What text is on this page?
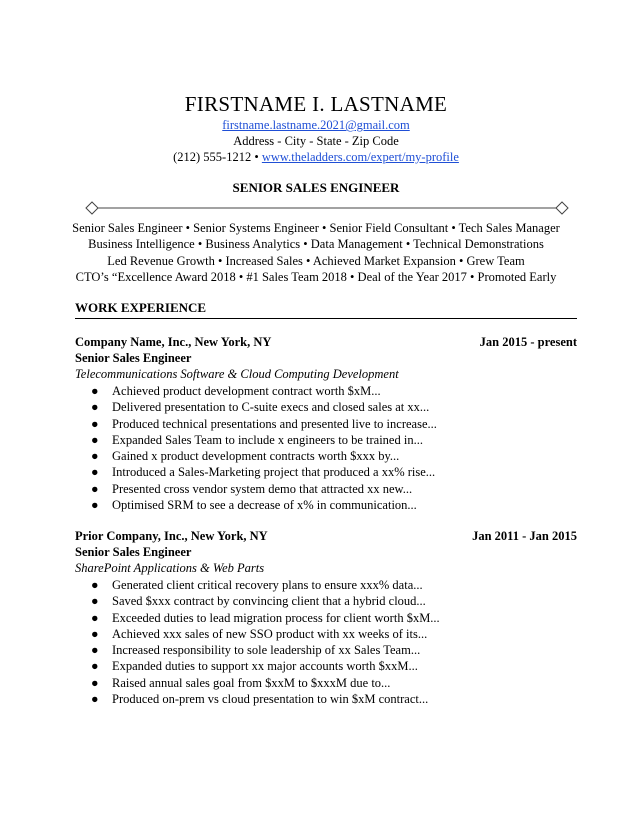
FIRSTNAME I. LASTNAME
firstname.lastname.2021@gmail.com
Address - City - State - Zip Code
(212) 555-1212 • www.theladders.com/expert/my-profile
SENIOR SALES ENGINEER
Senior Sales Engineer • Senior Systems Engineer • Senior Field Consultant • Tech Sales Manager
Business Intelligence • Business Analytics • Data Management • Technical Demonstrations
Led Revenue Growth • Increased Sales • Achieved Market Expansion • Grew Team
CTO’s “Excellence Award 2018 • #1 Sales Team 2018 • Deal of the Year 2017 • Promoted Early
WORK EXPERIENCE
Company Name, Inc., New York, NY	Jan 2015 - present
Senior Sales Engineer
Telecommunications Software & Cloud Computing Development
● Achieved product development contract worth $xM...
● Delivered presentation to C-suite execs and closed sales at xx...
● Produced technical presentations and presented live to increase...
● Expanded Sales Team to include x engineers to be trained in...
● Gained x product development contracts worth $xxx by...
● Introduced a Sales-Marketing project that produced a xx% rise...
● Presented cross vendor system demo that attracted xx new...
● Optimised SRM to see a decrease of x% in communication...
Prior Company, Inc., New York, NY	Jan 2011 - Jan 2015
Senior Sales Engineer
SharePoint Applications & Web Parts
● Generated client critical recovery plans to ensure xxx% data...
● Saved $xxx contract by convincing client that a hybrid cloud...
● Exceeded duties to lead migration process for client worth $xM...
● Achieved xxx sales of new SSO product with xx weeks of its...
● Increased responsibility to sole leadership of xx Sales Team...
● Expanded duties to support xx major accounts worth $xxM...
● Raised annual sales goal from $xxM to $xxxM due to...
● Produced on-prem vs cloud presentation to win $xM contract...
